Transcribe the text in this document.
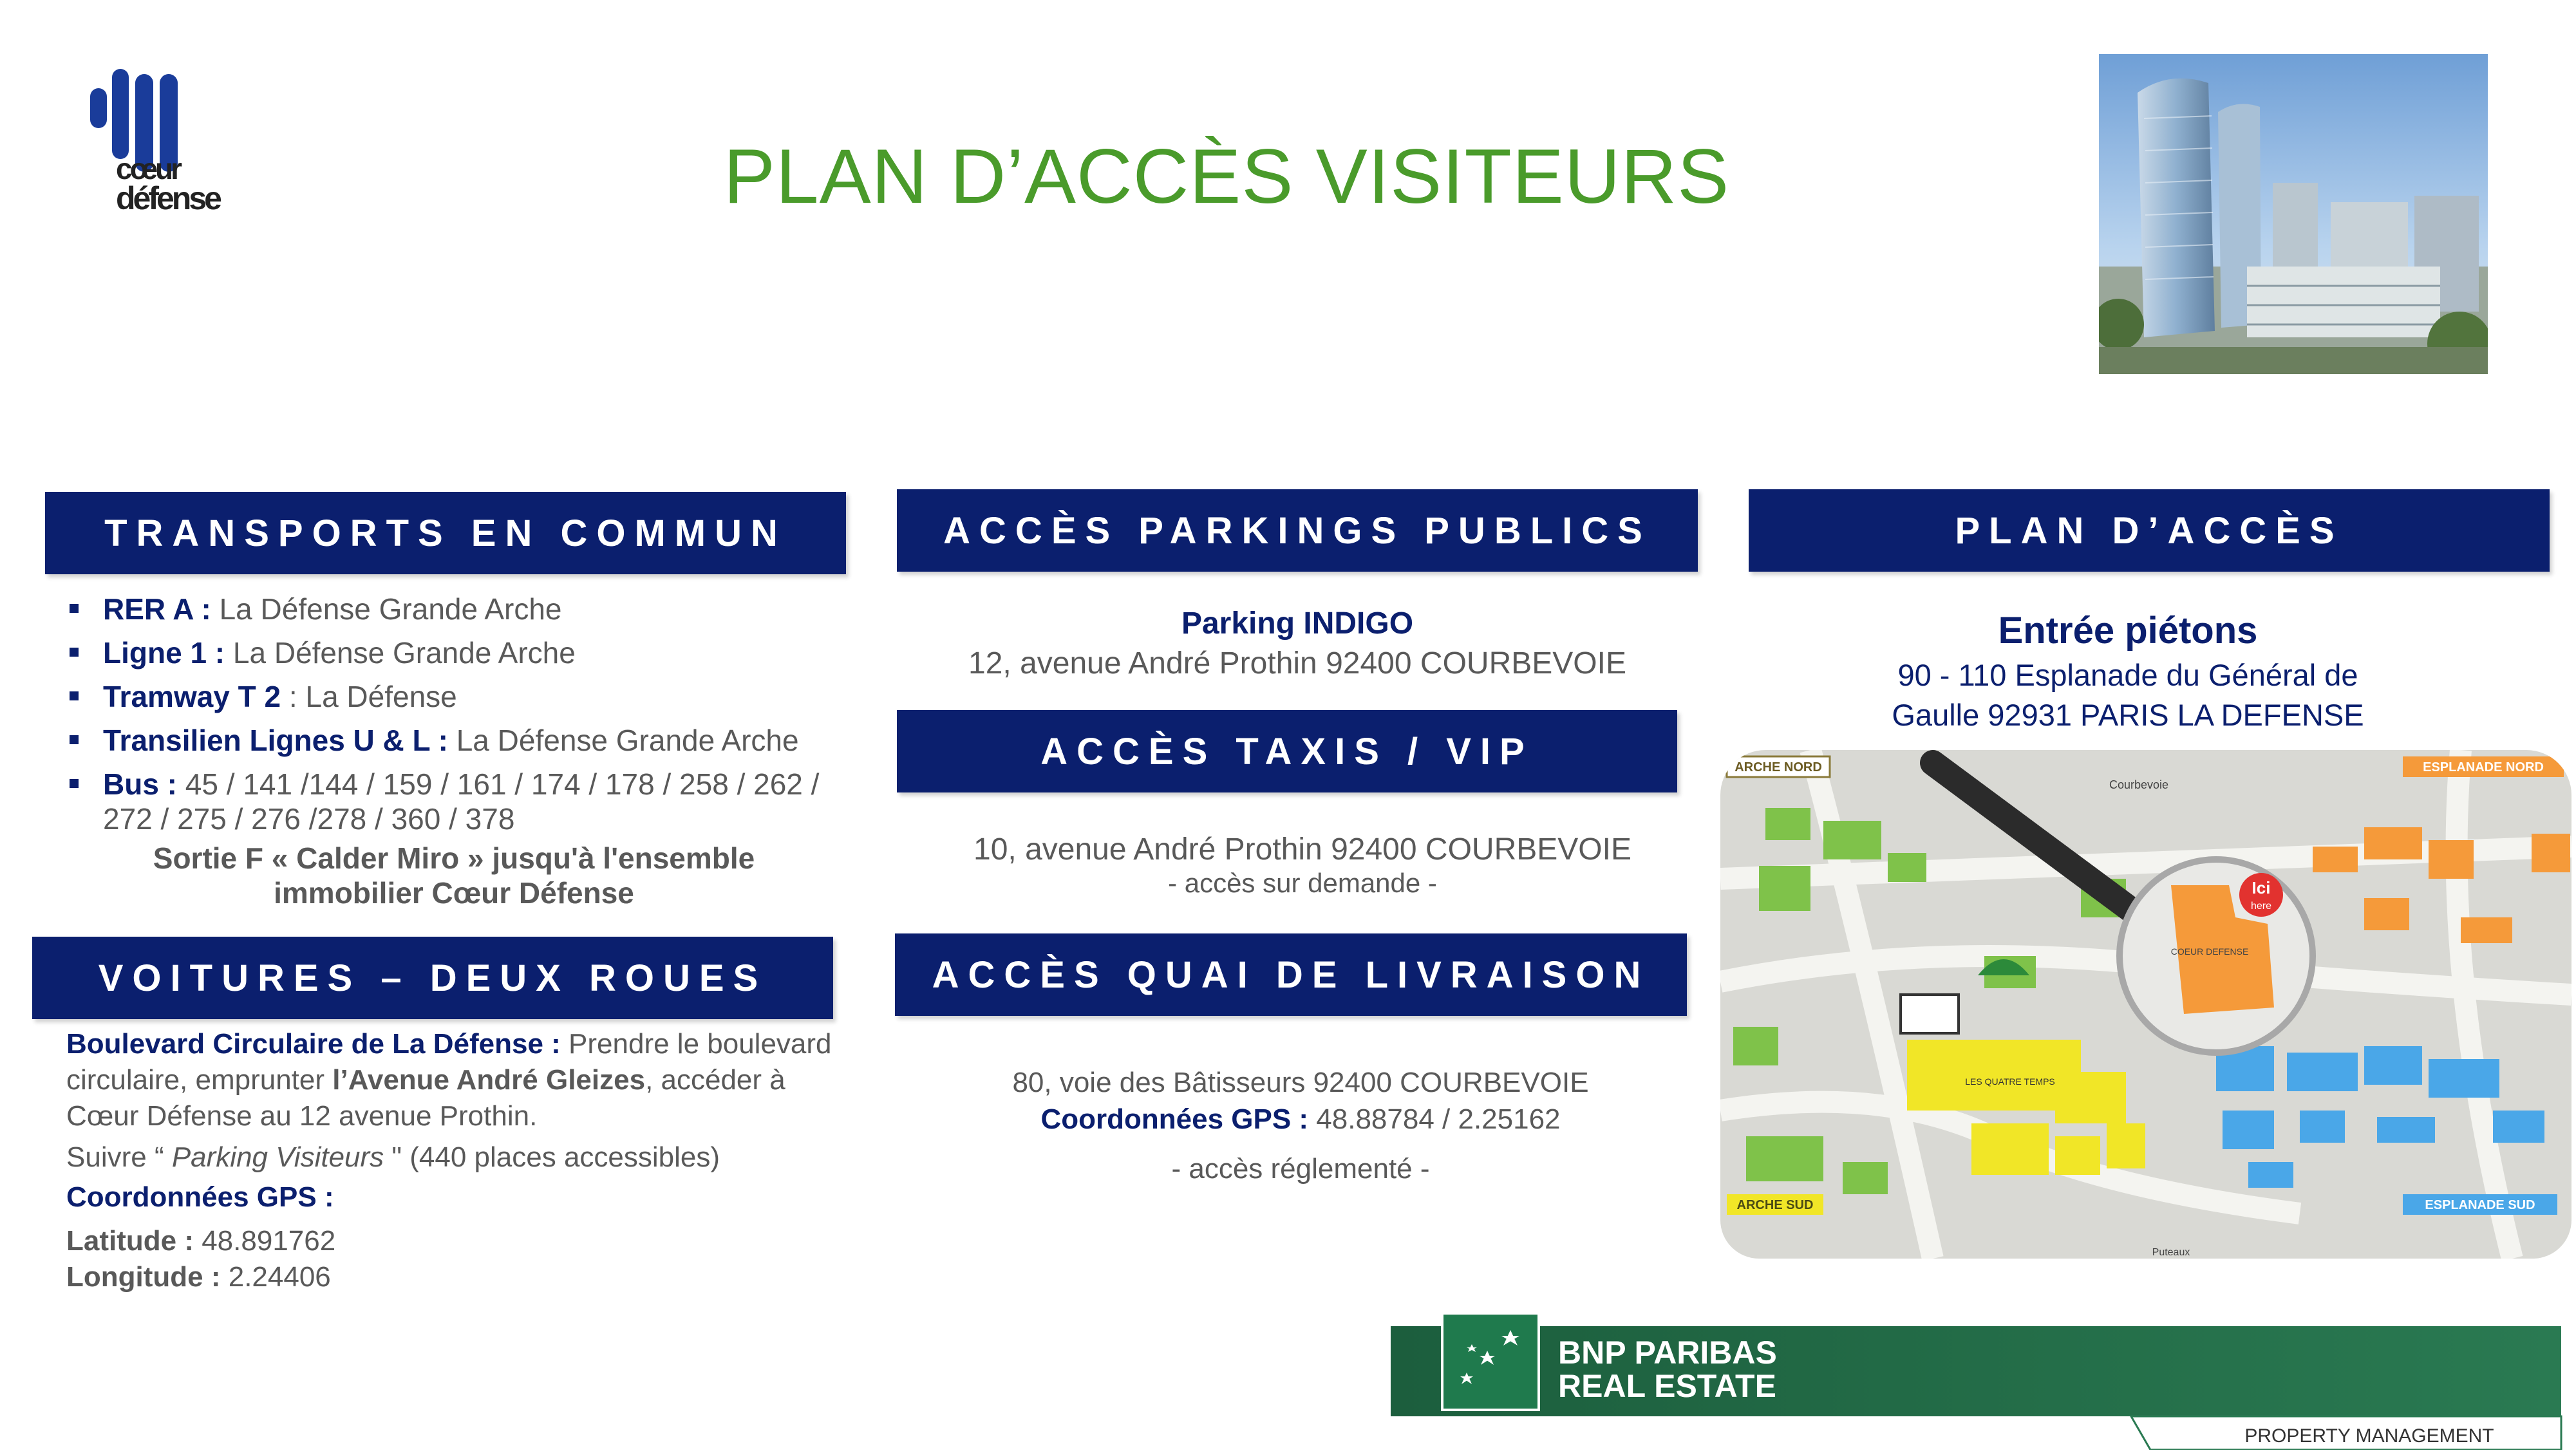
cœur
défense	PLAN D’ACCÈS VISITEURS
TRANSPORTS EN COMMUN
RER A : La Défense Grande Arche
Ligne 1 : La Défense Grande Arche
Tramway T 2 : La Défense
Transilien Lignes U & L : La Défense Grande Arche
Bus : 45 / 141 /144 / 159 / 161 / 174 / 178 / 258 / 262 / 272 / 275 / 276 /278 / 360 / 378
Sortie F « Calder Miro » jusqu'à l'ensemble
immobilier Cœur Défense
VOITURES – DEUX ROUES
Boulevard Circulaire de La Défense : Prendre le boulevard circulaire, emprunter l’Avenue André Gleizes, accéder à Cœur Défense au 12 avenue Prothin.
Suivre “ Parking Visiteurs " (440 places accessibles)
Coordonnées GPS :
Latitude : 48.891762
Longitude : 2.24406
ACCÈS PARKINGS PUBLICS
Parking INDIGO
12, avenue André Prothin 92400 COURBEVOIE
ACCÈS TAXIS / VIP
10, avenue André Prothin 92400 COURBEVOIE
- accès sur demande -
ACCÈS QUAI DE LIVRAISON
80, voie des Bâtisseurs 92400 COURBEVOIE
Coordonnées GPS : 48.88784 / 2.25162
- accès réglementé -
PLAN D’ACCÈS
Entrée piétons
90 - 110 Esplanade du Général de
Gaulle 92931 PARIS LA DEFENSE
Ici
here
COEUR DEFENSE
LES QUATRE TEMPS
Courbevoie
Puteaux
ARCHE NORD	ESPLANADE NORD
ARCHE SUD	ESPLANADE SUD
BNP PARIBAS
REAL ESTATE
PROPERTY MANAGEMENT
